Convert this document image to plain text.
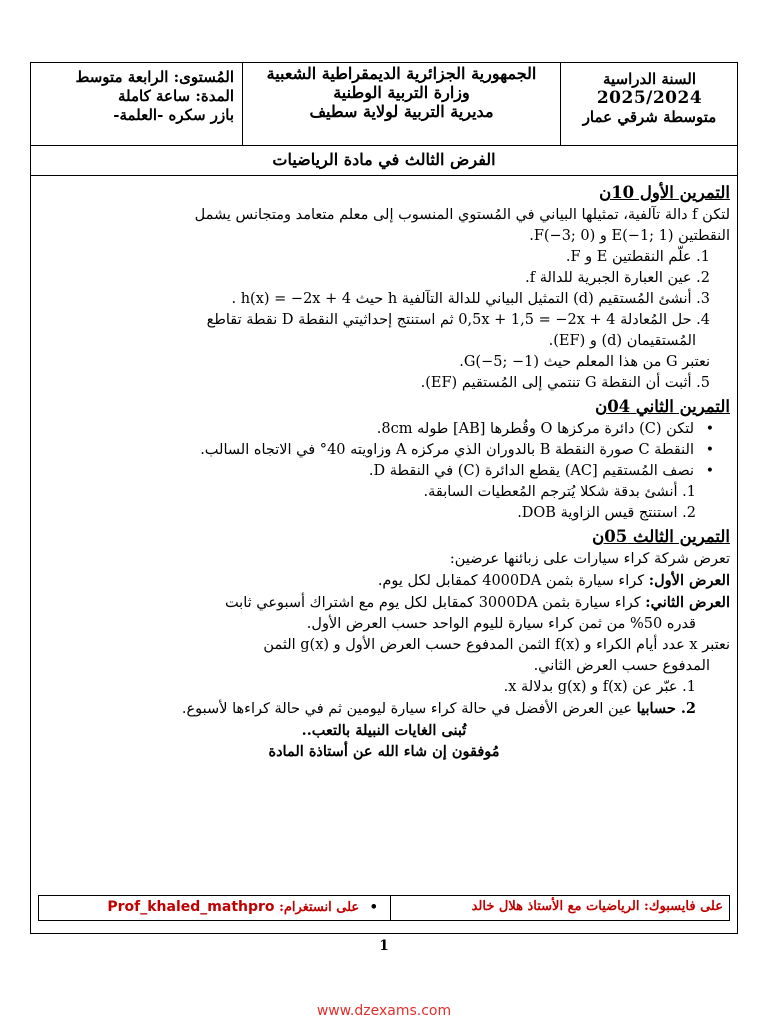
السنة الدراسية
2025/2024
متوسطة شرقي عمار
الجمهورية الجزائرية الديمقراطية الشعبية
وزارة التربية الوطنية
مديرية التربية لولاية سطيف
المُستوى: الرابعة متوسط
المدة: ساعة كاملة
بازر سكره -العلمة-
الفرض الثالث في مادة الرياضيات
التمرين الأول 10ن

لتكن f دالة تآلفية، تمثيلها البياني في المُستوي المنسوب إلى معلم متعامد ومتجانس يشمل

النقطتين E(−1; 1) و F(−3; 0).

1. علّم النقطتين E و F.

2. عين العبارة الجبرية للدالة f.

3. أنشئ المُستقيم (d) التمثيل البياني للدالة التآلفية h حيث h(x) = −2x + 4 .

4. حل المُعادلة 0,5x + 1,5 = −2x + 4 ثم استنتج إحداثيتي النقطة D نقطة تقاطع

المُستقيمان (d) و (EF).

نعتبر G من هذا المعلم حيث G(−5; −1).

5. أثبت أن النقطة G تنتمي إلى المُستقيم (EF).

التمرين الثاني 04ن

• لتكن (C) دائرة مركزها O وقُطرها [AB] طوله 8cm.

• النقطة C صورة النقطة B بالدوران الذي مركزه A وزاويته 40° في الاتجاه السالب.

• نصف المُستقيم [AC) يقطع الدائرة (C) في النقطة D.

1. أنشئ بدقة شكلا يُترجم المُعطيات السابقة.

2. استنتج قيس الزاوية DOB.

التمرين الثالث 05ن

تعرض شركة كراء سيارات على زبائنها عرضين:

العرض الأول: كراء سيارة بثمن 4000DA كمقابل لكل يوم.

العرض الثاني: كراء سيارة بثمن 3000DA كمقابل لكل يوم مع اشتراك أسبوعي ثابت

قدره 50% من ثمن كراء سيارة لليوم الواحد حسب العرض الأول.

نعتبر x عدد أيام الكراء و f(x) الثمن المدفوع حسب العرض الأول و g(x) الثمن

المدفوع حسب العرض الثاني.

1. عبّر عن f(x) و g(x) بدلالة x.

2. حسابيا عين العرض الأفضل في حالة كراء سيارة ليومين ثم في حالة كراءها لأسبوع.

تُبنى الغايات النبيلة بالتعب..

مُوفقون إن شاء الله عن أستاذة المادة

على فايسبوك: الرياضيات مع الأستاذ هلال خالد
• على انستغرام: Prof_khaled_mathpro
1
www.dzexams.com
